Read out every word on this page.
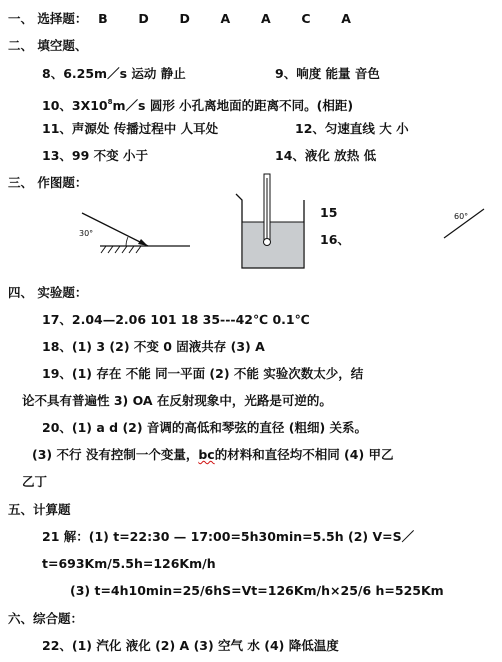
一、 选择题： B D D A A C A
二、 填空题、
8、6.25m／s 运动 静止	9、响度 能量 音色
10、$3X10^8m/s$ 圆形 小孔离地面的距离不同。(相距)
11、声源处 传播过程中 人耳处	12、匀速直线 大 小
13、99 不变 小于	14、液化 放热 低
三、 作图题：
30°
15
16、
60°
四、 实验题：
17、2.04—2.06 101 18 35---42℃ 0.1℃
18、(1) 3 (2) 不变 0 固液共存 (3) A
19、(1) 存在 不能 同一平面 (2) 不能 实验次数太少，结
论不具有普遍性 3) OA 在反射现象中，光路是可逆的。
20、(1) a d (2) 音调的高低和琴弦的直径 (粗细) 关系。
(3) 不行 没有控制一个变量，bc的材料和直径均不相同 (4) 甲乙
乙丁
五、计算题
21 解：(1) t=22:30 — 17:00=5h30min=5.5h (2) V=S／
t=693Km/5.5h=126Km/h
(3) t=4h10min=25/6hS=Vt=126Km/h×25/6 h=525Km
六、综合题：
22、(1) 汽化 液化 (2) A (3) 空气 水 (4) 降低温度
